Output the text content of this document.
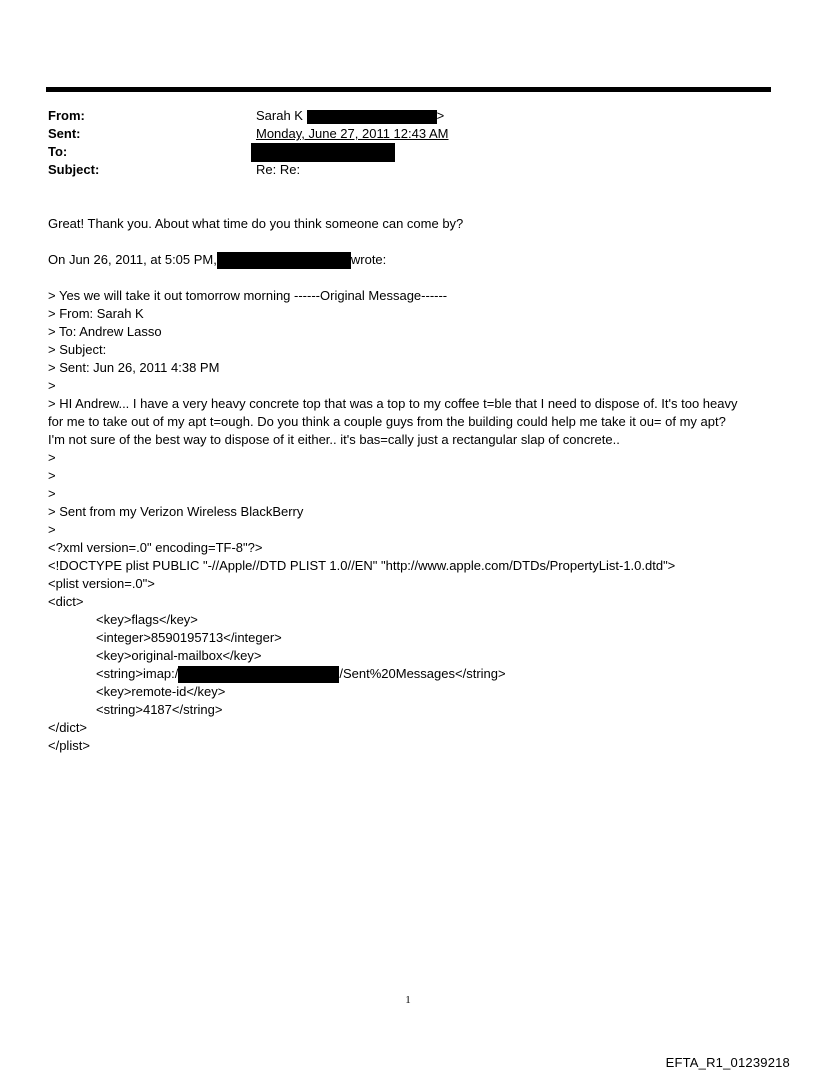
From:	Sarah K	>
Sent:	Monday, June 27, 2011 12:43 AM
To:
Subject:	Re: Re:
Great! Thank you. About what time do you think someone can come by?
On Jun 26, 2011, at 5:05 PM,	wrote:
> Yes we will take it out tomorrow morning ------Original Message------
> From: Sarah K
> To: Andrew Lasso
> Subject:
> Sent: Jun 26, 2011 4:38 PM
>
> HI Andrew... I have a very heavy concrete top that was a top to my coffee t=ble that I need to dispose of. It's too heavy
for me to take out of my apt t=ough. Do you think a couple guys from the building could help me take it ou= of my apt?
I'm not sure of the best way to dispose of it either.. it's bas=cally just a rectangular slap of concrete..
>
>
>
> Sent from my Verizon Wireless BlackBerry
>
<?xml version=.0" encoding=TF-8"?>
<!DOCTYPE plist PUBLIC "-//Apple//DTD PLIST 1.0//EN" "http://www.apple.com/DTDs/PropertyList-1.0.dtd">
<plist version=.0">
<dict>
<key>flags</key>
<integer>8590195713</integer>
<key>original-mailbox</key>
<string>imap:/	/Sent%20Messages</string>
<key>remote-id</key>
<string>4187</string>
</dict>
</plist>
1
EFTA_R1_01239218
